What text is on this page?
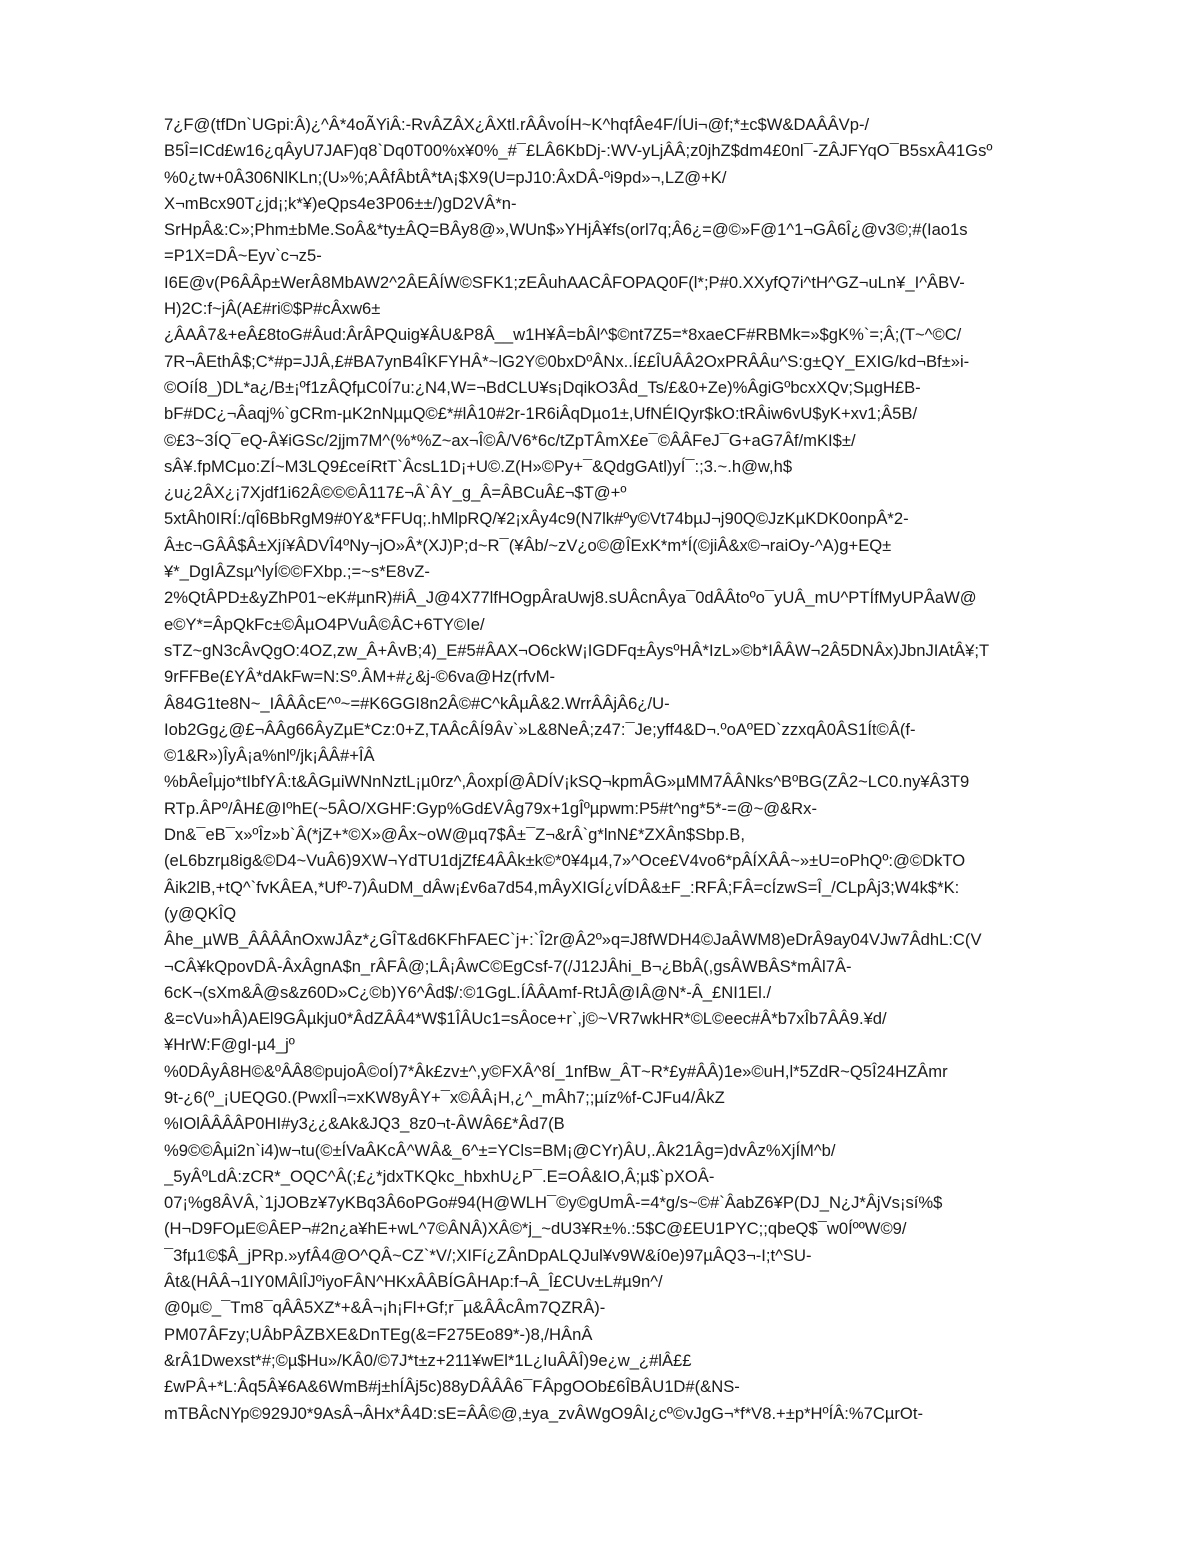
7¿F@(tfDn`UGpi:Â)¿^Â*4oÃYiÂ:-RvÂZÂX¿ÂXtl.rÂÂvoÍH~K^hqfÂe4F/ÍUi¬@f;*±c$W&DAÂÂVp-/
B5Î=ICd£w16¿qÂyU7JAF)q8`Dq0T00%x¥0%_#¯£LÂ6KbDj-:WV-yLjÂÂ;z0jhZ$dm4£0nl¯-ZÂJFYqO¯B5sxÂ41Gsº
%0¿tw+0Â306NlKLn;(U»%;AÂfÂbtÂ*tA¡$X9(U=pJ10:ÂxDÂ-ºi9pd»¬,LZ@+K/
X¬mBcx90T¿jd¡;k*¥)eQps4e3P06±±/)gD2VÂ*n-
SrHpÂ&:C»;Phm±bMe.SoÂ&*ty±ÂQ=BÂy8@»,WUn$»YHjÂ¥fs(orl7q;Â6¿=@©»F@1^1¬GÂ6Î¿@v3©;#(Iao1s
=P1X=DÂ~Eyv`c¬z5-
I6E@v(P6ÂÂp±WerÂ8MbAW2^2ÂEÂÍW©SFK1;zEÂuhAACÂFOPAQ0F(l*;P#0.XXyfQ7i^tH^GZ¬uLn¥_I^ÂBV-
H)2C:f~jÂ(A£#ri©$P#cÂxw6±
¿ÂAÂ7&+eÂ£8toG#Âud:ÂrÂPQuig¥ÂU&P8Â__w1H¥Â=bÂl^$©nt7Z5=*8xaeCF#RBMk=»$gK%`=;Â;(T~^©C/
7R¬ÂEthÂ$;C*#p=JJÂ,£#BA7ynB4ÎKFYHÂ*~lG2Y©0bxDºÂNx..Í££ÎUÂÂ2OxPRÂÂu^S:g±QY_EXIG/kd¬Bf±»i-
©OíÍ8_)DL*a¿/B±¡ºf1zÂQfµC0Í7u:¿N4,W=¬BdCLU¥s¡DqikO3Âd_Ts/£&0+Ze)%ÂgiGºbcxXQv;SµgH£B-
bF#DC¿¬Âaqj%`gCRm-µK2nNµµQ©£*#lÂ10#2r-1R6iÂqDµo1±,UfNÉIQyr$kO:tRÂiw6vU$yK+xv1;Â5B/
©£3~3ÍQ¯eQ-Â¥iGSc/2jjm7M^(%*%Z~ax¬Î©Â/V6*6c/tZpTÂmX£e¯©ÂÂFeJ¯G+aG7Âf/mKI$±/
sÂ¥.fpMCµo:ZÍ~M3LQ9£ceíRtT`ÂcsL1D¡+U©.Z(H»©Py+¯&QdgGAtl)yÍ¯:;3.~.h@w,h$
¿u¿2ÂX¿¡7Xjdf1i62Â©©©Â117£¬Â`ÂY_g_Â=ÂBCuÂ£¬$T@+º
5xtÂh0IRÍ:/qÎ6BbRgM9#0Y&*FFUq;.hMlpRQ/¥2¡xÂy4c9(N7lk#ºy©Vt74bµJ¬j90Q©JzKµKDK0onpÂ*2-
Â±c¬GÂÂ$Â±Xjí¥ÂDVÎ4ºNy¬jO»Â*(XJ)P;d~R¯(¥Âb/~zV¿o©@ÎExK*m*Í(©jiÂ&x©¬raiOy-^A)g+EQ±
¥*_DgIÂZsµ^lyÍ©©FXbp.;=~s*E8vZ-
2%QtÂPD±&yZhP01~eK#µnR)#iÂ_J@4X77lfHOgpÂraUwj8.sUÂcnÂya¯0dÂÂtoºo¯yUÂ_mU^PTÍfMyUPÂaW@
e©Y*=ÂpQkFc±©ÂµO4PVuÂ©ÂC+6TY©Ie/
sTZ~gN3cÂvQgO:4OZ,zw_Â+ÂvB;4)_E#5#ÂAX¬O6ckW¡IGDFq±ÂysºHÂ*IzL»©b*IÂÂW¬2Â5DNÂx)JbnJIAtÂ¥;T
9rFFBe(£YÂ*dAkFw=N:Sº.ÂM+#¿&j-©6va@Hz(rfvM-
Â84G1te8N~_IÂÂÂcE^º~=#K6GGI8n2Â©#C^kÂµÂ&2.WrrÂÂjÂ6¿/U-
Iob2Gg¿@£¬ÂÂg66ÂyZµE*Cz:0+Z,TAÂcÂÍ9Âv`»L&8NeÂ;z47:¯Je;yff4&D¬.ºoAºED`zzxqÂ0ÂS1Ít©Â(f-
©1&R»)ÎyÂ¡a%nlº/jk¡ÂÂ#+ÎÂ
%bÂeÎµjo*tIbfYÂ:t&ÂGµiWNnNztL¡µ0rz^,ÂoxpÍ@ÂDÍV¡kSQ¬kpmÂG»µMM7ÂÂNks^BºBG(ZÂ2~LC0.ny¥Â3T9
RTp.ÂPº/ÂH£@IºhE(~5ÂO/XGHF:Gyp%Gd£VÂg79x+1gÎºµpwm:P5#t^ng*5*-=@~@&Rx-
Dn&¯eB¯x»ºÎz»b`Â(*jZ+*©X»@Âx~oW@µq7$Â±¯Z¬&rÂ`g*lnN£*ZXÂn$Sbp.B,
(eL6bzrµ8ig&©D4~VuÂ6)9XW¬YdTU1djZf£4ÂÂk±k©*0¥4µ4,7»^Oce£V4vo6*pÂÍXÂÂ~»±U=oPhQº:@©DkTO
Âik2lB,+tQ^`fvKÂEA,*Ufº-7)ÂuDM_dÂw¡£v6a7d54,mÂyXIGÍ¿vÍDÂ&±F_:RFÂ;FÂ=cÍzwS=Î_/CLpÂj3;W4k$*K:
(y@QKÎQ
Âhe_µWB_ÂÂÂÂnOxwJÂz*¿GÎT&d6KFhFAEC`j+:`Î2r@Â2º»q=J8fWDH4©JaÂWM8)eDrÂ9ay04VJw7ÂdhL:C(V
¬CÂ¥kQpovDÂ-ÂxÂgnA$n_rÂFÂ@;LÂ¡ÂwC©EgCsf-7(/J12JÂhi_B¬¿BbÂ(,gsÂWBÂS*mÂl7Â-
6cK¬(sXm&Â@s&z60D»C¿©b)Y6^Âd$/:©1GgL.ÍÂÂAmf-RtJÂ@IÂ@N*-Â_£NI1El./
&=cVu»hÂ)AEl9GÂµkju0*ÂdZÂÂ4*W$1ÎÂUc1=sÂoce+r`,j©~VR7wkHR*©L©eec#Â*b7xÎb7ÂÂ9.¥d/
¥HrW:F@gI-µ4_jº
%0DÂyÂ8H©&ºÂÂ8©pujoÂ©oÍ)7*Âk£zv±^,y©FXÂ^8Í_1nfBw_ÂT~R*£y#ÂÂ)1e»©uH,l*5ZdR~Q5Î24HZÂmr
9t-¿6(º_¡UEQG0.(PwxlÎ¬=xKW8yÂY+¯x©ÂÂ¡H,¿^_mÂh7;;µíz%f-CJFu4/ÂkZ
%IOlÂÂÂÂP0HI#y3¿¿&Ak&JQ3_8z0¬t-ÂWÂ6£*Âd7(B
%9©©Âµi2n`i4)w¬tu(©±ÍVaÂKcÂ^WÂ&_6^±=YCls=BM¡@CYr)ÂU,.Âk21Âg=)dvÂz%XjÍM^b/
_5yÂºLdÂ:zCR*_OQC^Â(;£¿*jdxTKQkc_hbxhU¿P¯.E=OÂ&IO,Â;µ$`pXOÂ-
07¡%g8ÂVÂ,`1jJOBz¥7yKBq3Â6oPGo#94(H@WLH¯©y©gUmÂ-=4*g/s~©#`ÂabZ6¥P(DJ_N¿J*ÂjVs¡sí%$
(H¬D9FOµE©ÂEP¬#2n¿a¥hE+wL^7©ÂNÂ)XÂ©*j_~dU3¥R±%.:5$C@£EU1PYC;;qbeQ$¯w0ÍººW©9/
¯3fµ1©$Â_jPRp.»yfÂ4@O^QÂ~CZ`*V/;XIFí¿ZÂnDpALQJul¥v9W&í0e)97µÂQ3¬-I;t^SU-
Ât&(HÂÂ¬1IY0MÂlÎJºiyoFÂN^HKxÂÂBÍGÂHAp:f¬Â_Î£CUv±L#µ9n^/
@0µ©_¯Tm8¯qÂÂ5XZ*+&Â¬¡h¡Fl+Gf;r¯µ&ÂÂcÂm7QZRÂ)-
PM07ÂFzy;UÂbPÂZBXE&DnTEg(&=F275Eo89*-)8,/HÂnÂ
&rÂ1Dwexst*#;©µ$Hu»/KÂ0/©7J*t±z+211¥wEl*1L¿IuÂÂÎ)9e¿w_¿#lÂ££
£wPÂ+*L:Âq5Â¥6A&6WmB#j±hÍÂj5c)88yDÂÂÂ6¯FÂpgOOb£6ÎBÂU1D#(&NS-
mTBÂcNYp©929J0*9AsÂ¬ÂHx*Â4D:sE=ÂÂ©@,±ya_zvÂWgO9ÂI¿cº©vJgG¬*f*V8.+±p*HºÍÂ:%7CµrOt-
